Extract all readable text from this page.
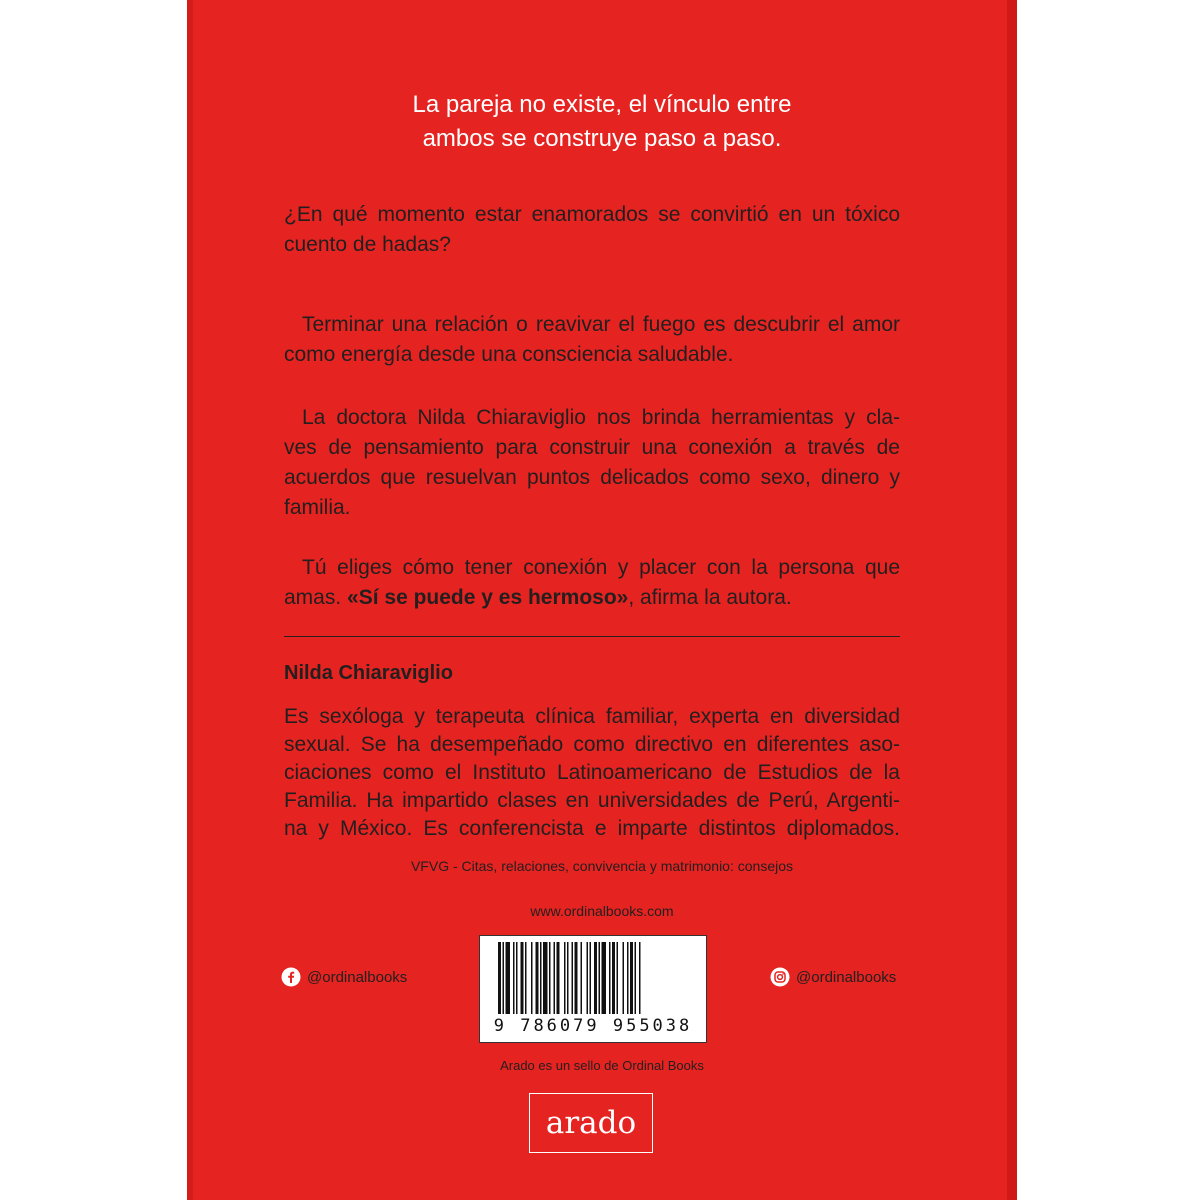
La pareja no existe, el vínculo entre
ambos se construye paso a paso.

¿En qué momento estar enamorados se convirtió en un tóxico
cuento de hadas?

Terminar una relación o reavivar el fuego es descubrir el amor
como energía desde una consciencia saludable.

La doctora Nilda Chiaraviglio nos brinda herramientas y cla-
ves de pensamiento para construir una conexión a través de
acuerdos que resuelvan puntos delicados como sexo, dinero y
familia.

Tú eliges cómo tener conexión y placer con la persona que
amas. «Sí se puede y es hermoso», afirma la autora.

Nilda Chiaraviglio
Es sexóloga y terapeuta clínica familiar, experta en diversidad
sexual. Se ha desempeñado como directivo en diferentes aso-
ciaciones como el Instituto Latinoamericano de Estudios de la
Familia. Ha impartido clases en universidades de Perú, Argenti-
na y México. Es conferencista e imparte distintos diplomados.
VFVG - Citas, relaciones, convivencia y matrimonio: consejos
www.ordinalbooks.com
@ordinalbooks
9 786079 955038
@ordinalbooks
Arado es un sello de Ordinal Books
arado
